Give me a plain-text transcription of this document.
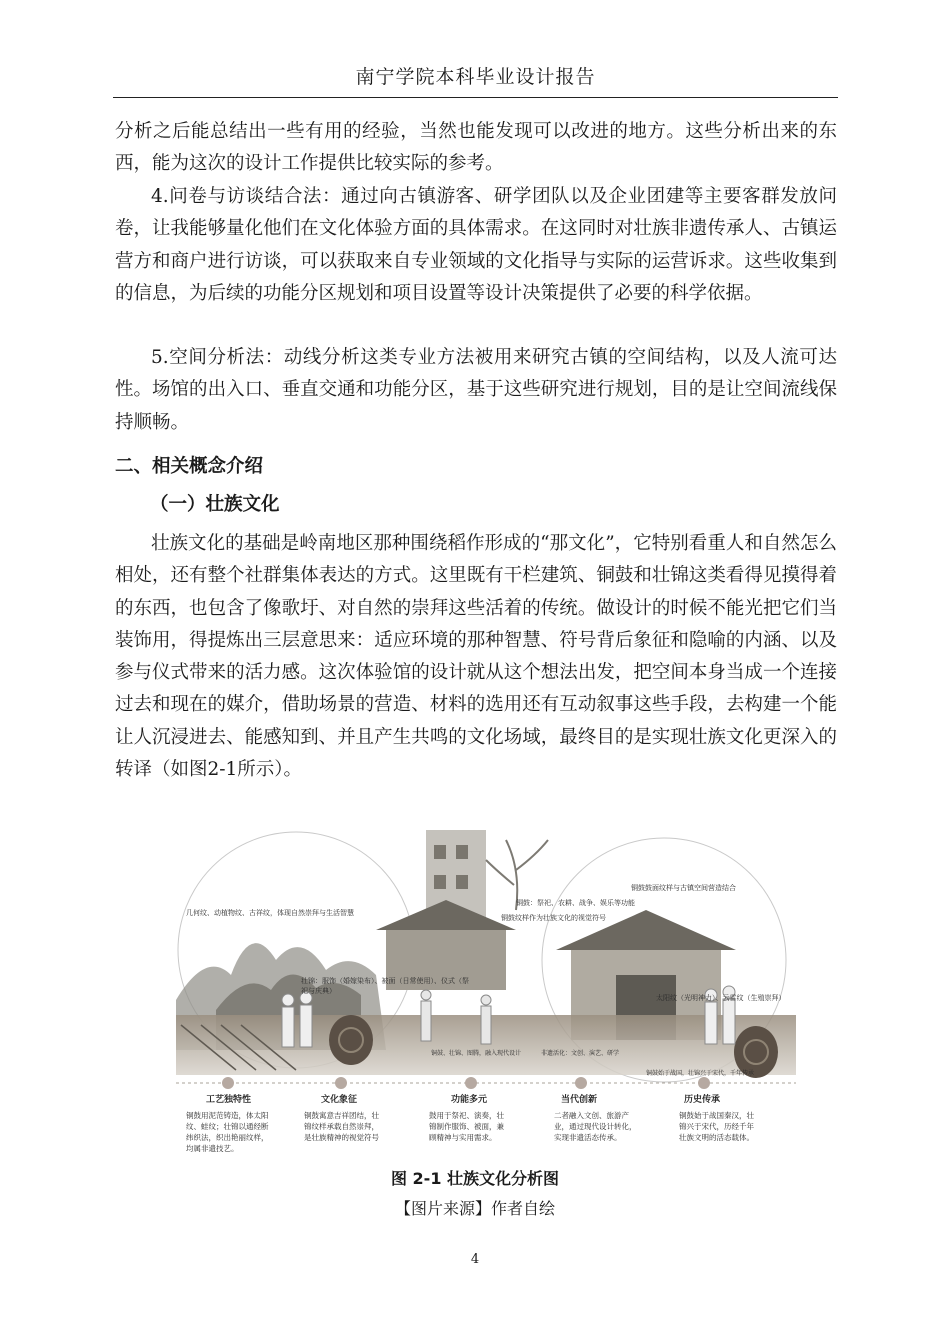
南宁学院本科毕业设计报告

分析之后能总结出一些有用的经验，当然也能发现可以改进的地方。这些分析出来的东西，能为这次的设计工作提供比较实际的参考。

4.问卷与访谈结合法：通过向古镇游客、研学团队以及企业团建等主要客群发放问卷，让我能够量化他们在文化体验方面的具体需求。在这同时对壮族非遗传承人、古镇运营方和商户进行访谈，可以获取来自专业领域的文化指导与实际的运营诉求。这些收集到的信息，为后续的功能分区规划和项目设置等设计决策提供了必要的科学依据。

5.空间分析法：动线分析这类专业方法被用来研究古镇的空间结构，以及人流可达性。场馆的出入口、垂直交通和功能分区，基于这些研究进行规划，目的是让空间流线保持顺畅。

二、相关概念介绍
（一）壮族文化

壮族文化的基础是岭南地区那种围绕稻作形成的“那文化”，它特别看重人和自然怎么相处，还有整个社群集体表达的方式。这里既有干栏建筑、铜鼓和壮锦这类看得见摸得着的东西，也包含了像歌圩、对自然的崇拜这些活着的传统。做设计的时候不能光把它们当装饰用，得提炼出三层意思来：适应环境的那种智慧、符号背后象征和隐喻的内涵、以及参与仪式带来的活力感。这次体验馆的设计就从这个想法出发，把空间本身当成一个连接过去和现在的媒介，借助场景的营造、材料的选用还有互动叙事这些手段，去构建一个能让人沉浸进去、能感知到、并且产生共鸣的文化场域，最终目的是实现壮族文化更深入的转译（如图2-1所示）。

几何纹、动植物纹、古祥纹，体现自然崇拜与生活智慧
壮锦：服饰（婚嫁染布）、被面（日常使用）、仪式（祭
祀与庆典）
铜鼓：祭祀、农耕、战争、娱乐等功能
铜鼓纹样作为壮族文化的视觉符号
铜鼓、壮锦、图腾，融入现代设计	非遗活化：文创、演艺、研学
铜鼓鼓面纹样与古镇空间营造结合
太阳纹（光明神力）、云雷纹（生殖崇拜）
铜鼓始于战国，壮锦兴于宋代，千年传承
工艺独特性	文化象征	功能多元	当代创新	历史传承
铜鼓用泥范铸造，体太阳
纹、蛙纹；壮锦以通经断
纬织法，织出艳丽纹样，
均属非遗技艺。
铜鼓寓意吉祥团结，壮
锦纹样承载自然崇拜，
是壮族精神的视觉符号
鼓用于祭祀、演奏，壮
锦制作服饰、被面，兼
顾精神与实用需求。
二者融入文创、旅游产
业，通过现代设计转化，
实现非遗活态传承。
铜鼓始于战国秦汉，壮
锦兴于宋代，历经千年
壮族文明的活态载体。
图 2-1 壮族文化分析图
【图片来源】作者自绘
4
